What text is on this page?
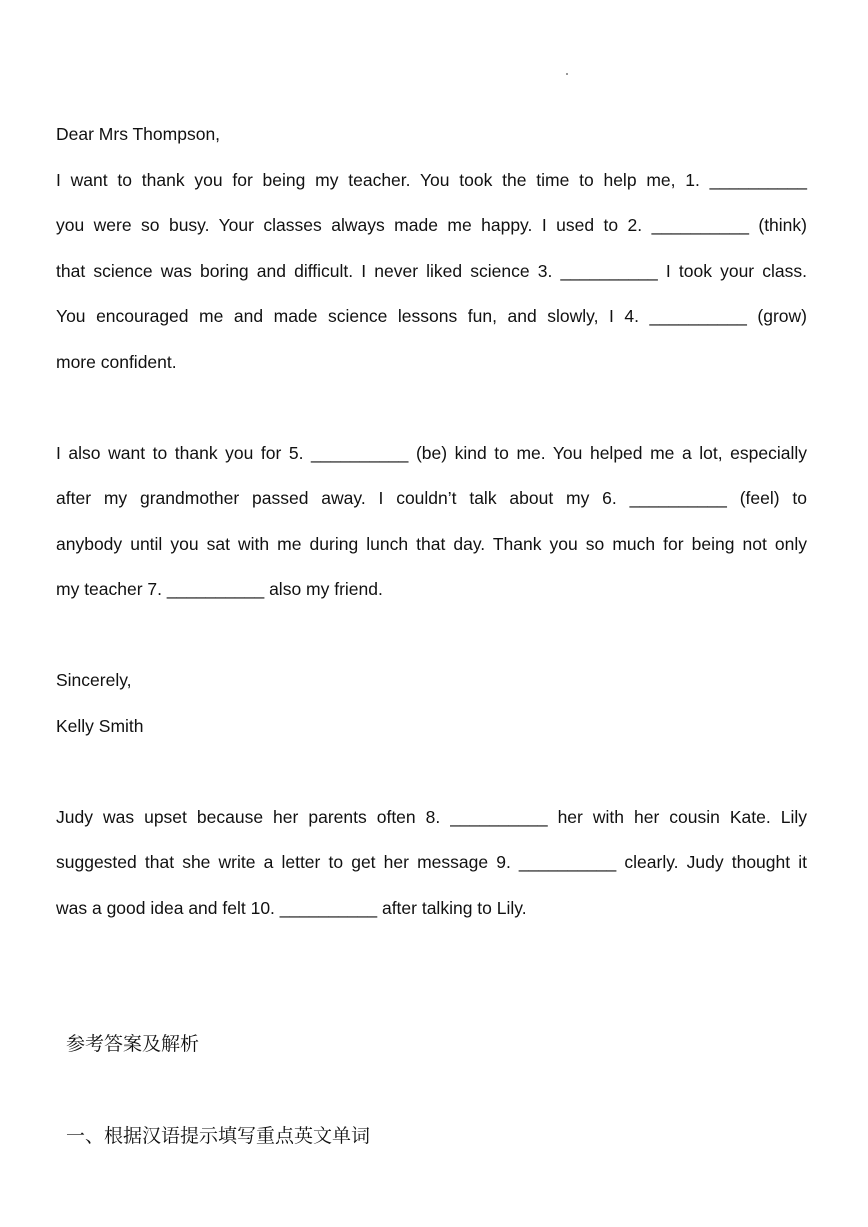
Dear Mrs Thompson,
I want to thank you for being my teacher. You took the time to help me, 1. __________
you were so busy. Your classes always made me happy. I used to 2. __________ (think)
that science was boring and difficult. I never liked science 3. __________ I took your class.
You encouraged me and made science lessons fun, and slowly, I 4. __________ (grow)
more confident.
I also want to thank you for 5. __________ (be) kind to me. You helped me a lot, especially
after my grandmother passed away. I couldn’t talk about my 6. __________ (feel) to
anybody until you sat with me during lunch that day. Thank you so much for being not only
my teacher 7. __________ also my friend.
Sincerely,
Kelly Smith
Judy was upset because her parents often 8. __________ her with her cousin Kate. Lily
suggested that she write a letter to get her message 9. __________ clearly. Judy thought it
was a good idea and felt 10. __________ after talking to Lily.
参考答案及解析
一、根据汉语提示填写重点英文单词
